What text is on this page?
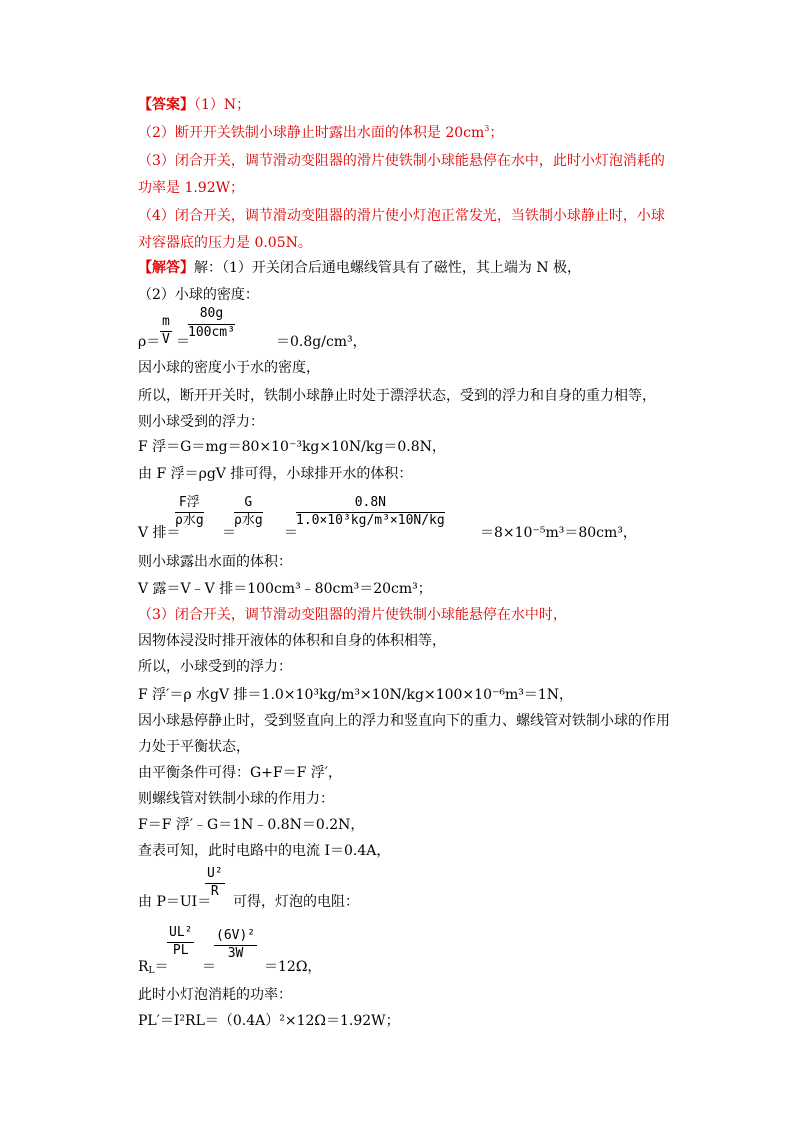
【答案】（1）N；
（2）断开开关铁制小球静止时露出水面的体积是 $20cm^3$；
（3）闭合开关，调节滑动变阻器的滑片使铁制小球能悬停在水中，此时小灯泡消耗的
功率是 1.92W；
（4）闭合开关，调节滑动变阻器的滑片使小灯泡正常发光，当铁制小球静止时，小球
对容器底的压力是 0.05N。
【解答】解：（1）开关闭合后通电螺线管具有了磁性，其上端为 N 极，
（2）小球的密度：
$\rho= \frac{m}{V}$ ＝
$\frac{80g}{\text{100cm³}}$
＝0.8g/cm³，
因小球的密度小于水的密度，
所以，断开开关时，铁制小球静止时处于漂浮状态，受到的浮力和自身的重力相等，
则小球受到的浮力：
F 浮＝G＝mg＝80×10⁻³kg×10N/kg＝0.8N，
由 F 浮＝ρgV 排可得，小球排开水的体积：
V 排＝
F浮
ρ水g
＝
G
ρ水g
＝
$\frac{0.8N}{\text{1.0×10³kg/m³×10N/kg}}$
＝8×10⁻⁵m³＝80cm³，
则小球露出水面的体积：
V 露＝V﹣V 排＝100cm³﹣80cm³＝20cm³；
（3）闭合开关，调节滑动变阻器的滑片使铁制小球能悬停在水中时，
因物体浸没时排开液体的体积和自身的体积相等，
所以，小球受到的浮力：
F 浮′＝ρ 水gV 排＝1.0×10³kg/m³×10N/kg×100×10⁻⁶m³＝1N，
因小球悬停静止时，受到竖直向上的浮力和竖直向下的重力、螺线管对铁制小球的作用
力处于平衡状态，
由平衡条件可得：G+F＝F 浮′，
则螺线管对铁制小球的作用力：
F＝F 浮′﹣G＝1N﹣0.8N＝0.2N，
查表可知，此时电路中的电流 I＝0.4A，
由 P＝UI＝
$\frac{\text{U²}}{R}$
可得，灯泡的电阻：
$R_L=$
$\frac{\text{UL²}}{PL}$
＝
$\frac{\text{(6V)²}}{3W}$
＝12Ω，
此时小灯泡消耗的功率：
PL′＝I²RL＝（0.4A）²×12Ω＝1.92W；
